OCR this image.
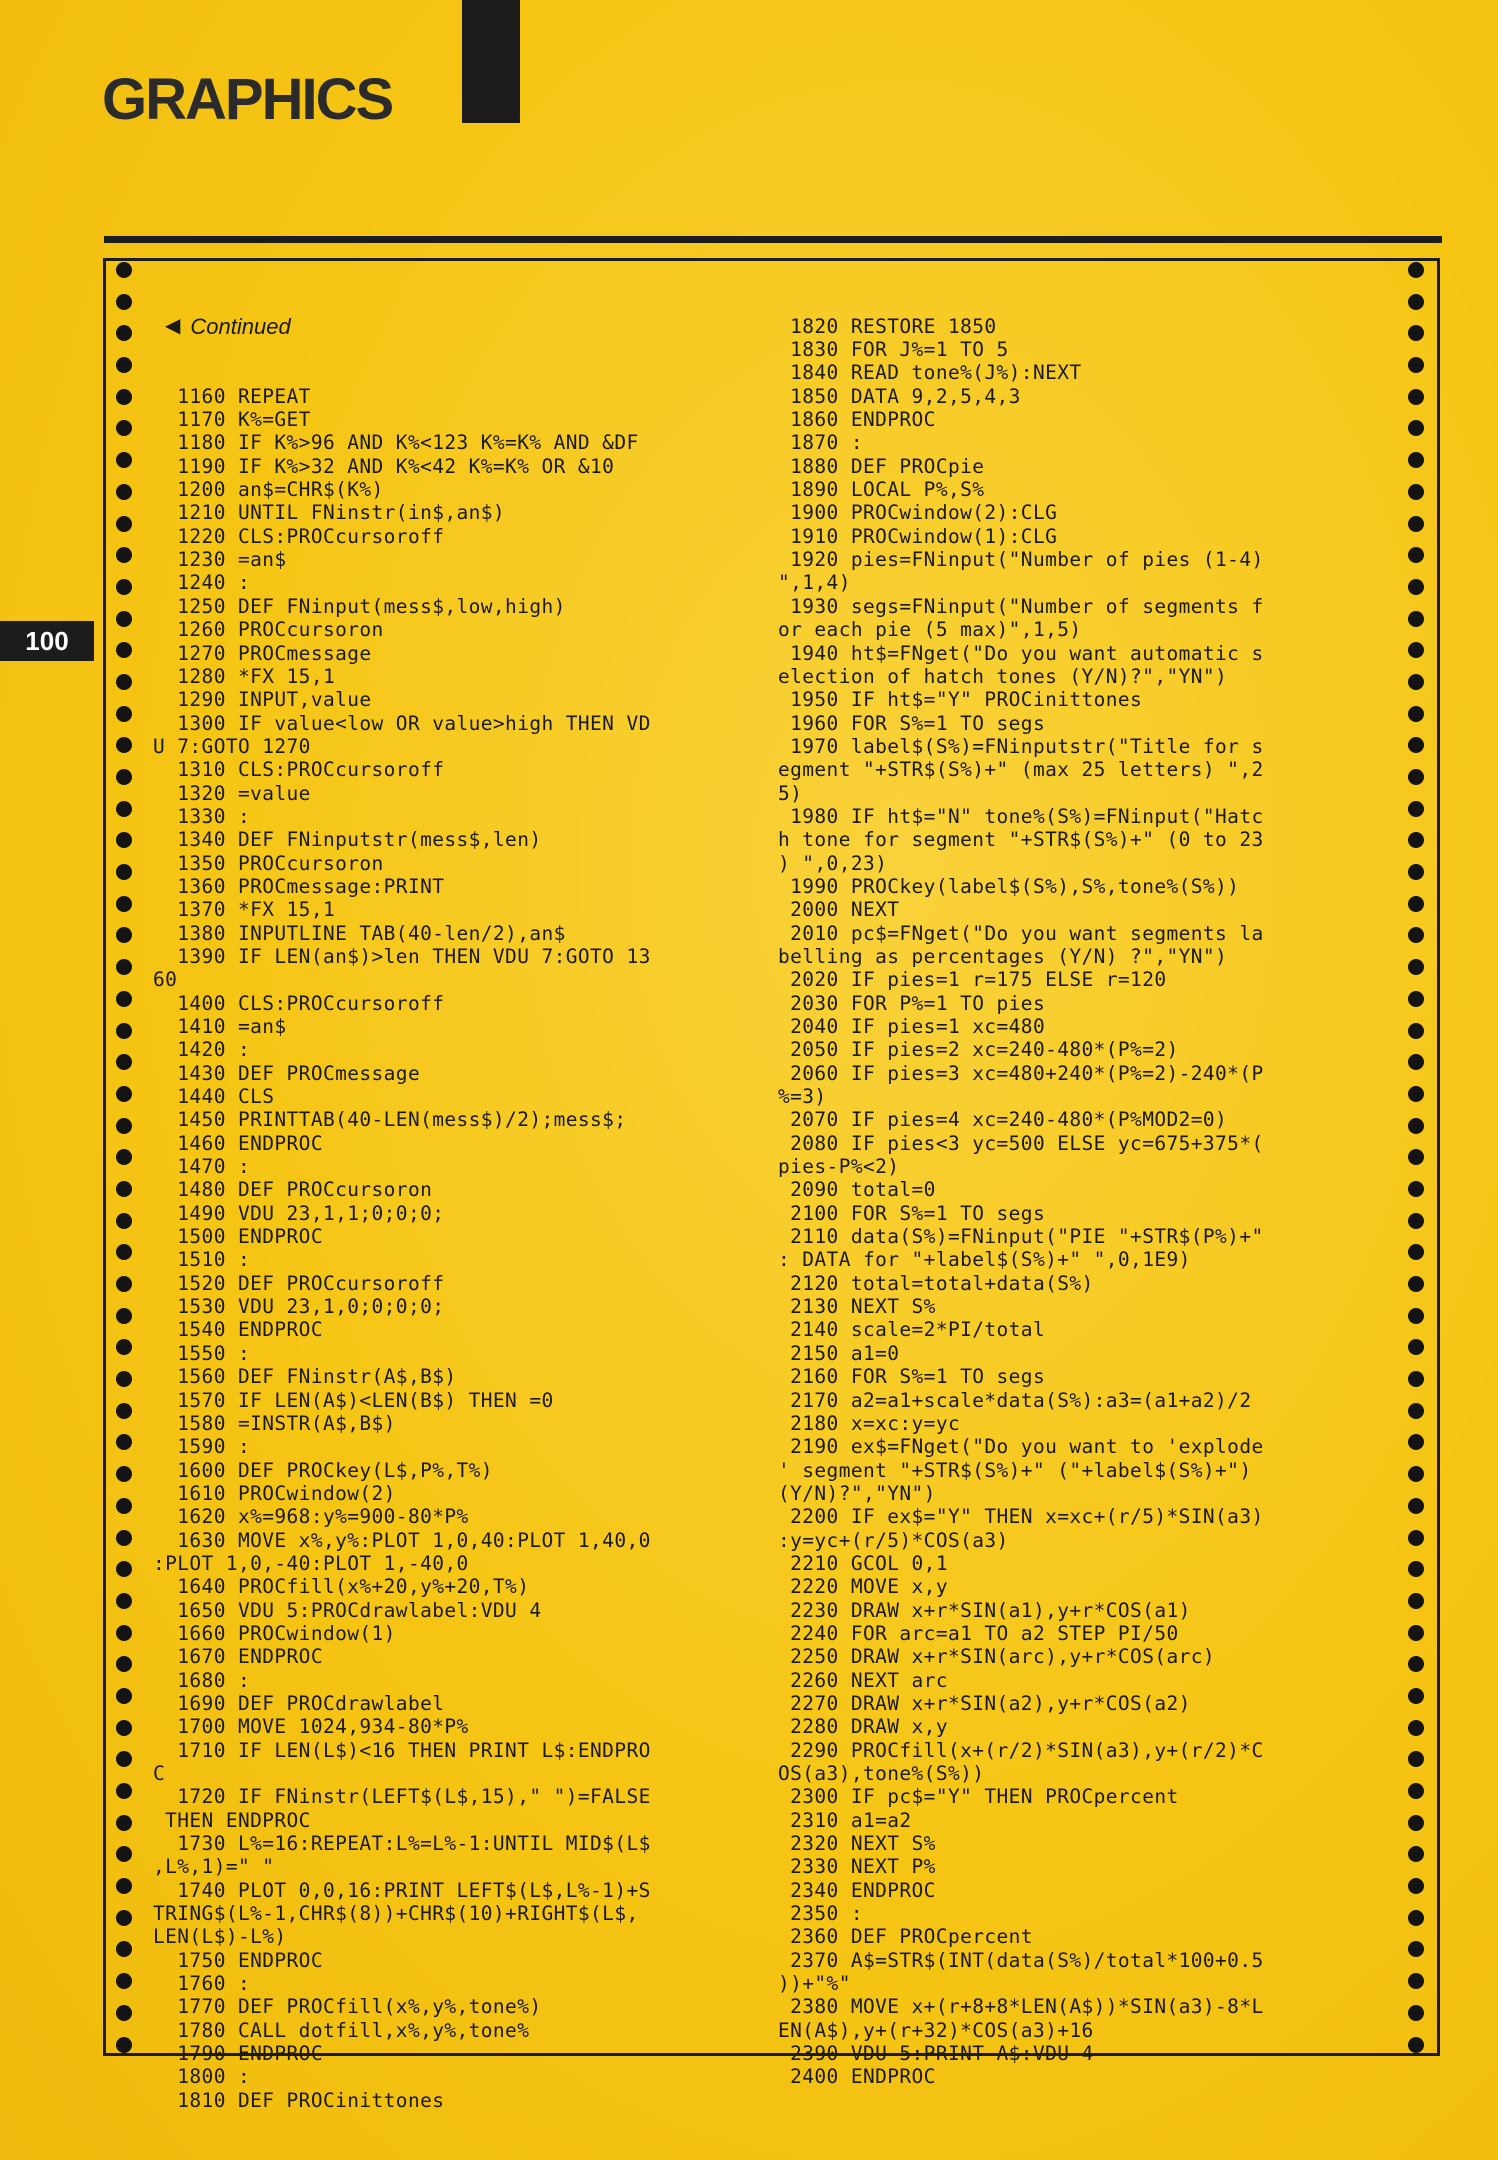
GRAPHICS
100

◀ Continued

1160 REPEAT
1170 K%=GET
1180 IF K%>96 AND K%<123 K%=K% AND &DF
1190 IF K%>32 AND K%<42 K%=K% OR &10
1200 an$=CHR$(K%)
1210 UNTIL FNinstr(in$,an$)
1220 CLS:PROCcursoroff
1230 =an$
1240 :
1250 DEF FNinput(mess$,low,high)
1260 PROCcursoron
1270 PROCmessage
1280 *FX 15,1
1290 INPUT,value
1300 IF value<low OR value>high THEN VD
U 7:GOTO 1270
1310 CLS:PROCcursoroff
1320 =value
1330 :
1340 DEF FNinputstr(mess$,len)
1350 PROCcursoron
1360 PROCmessage:PRINT
1370 *FX 15,1
1380 INPUTLINE TAB(40-len/2),an$
1390 IF LEN(an$)>len THEN VDU 7:GOTO 13
60
1400 CLS:PROCcursoroff
1410 =an$
1420 :
1430 DEF PROCmessage
1440 CLS
1450 PRINTTAB(40-LEN(mess$)/2);mess$;
1460 ENDPROC
1470 :
1480 DEF PROCcursoron
1490 VDU 23,1,1;0;0;0;
1500 ENDPROC
1510 :
1520 DEF PROCcursoroff
1530 VDU 23,1,0;0;0;0;
1540 ENDPROC
1550 :
1560 DEF FNinstr(A$,B$)
1570 IF LEN(A$)<LEN(B$) THEN =0
1580 =INSTR(A$,B$)
1590 :
1600 DEF PROCkey(L$,P%,T%)
1610 PROCwindow(2)
1620 x%=968:y%=900-80*P%
1630 MOVE x%,y%:PLOT 1,0,40:PLOT 1,40,0
:PLOT 1,0,-40:PLOT 1,-40,0
1640 PROCfill(x%+20,y%+20,T%)
1650 VDU 5:PROCdrawlabel:VDU 4
1660 PROCwindow(1)
1670 ENDPROC
1680 :
1690 DEF PROCdrawlabel
1700 MOVE 1024,934-80*P%
1710 IF LEN(L$)<16 THEN PRINT L$:ENDPRO
C
1720 IF FNinstr(LEFT$(L$,15)," ")=FALSE
THEN ENDPROC
1730 L%=16:REPEAT:L%=L%-1:UNTIL MID$(L$
,L%,1)=" "
1740 PLOT 0,0,16:PRINT LEFT$(L$,L%-1)+S
TRING$(L%-1,CHR$(8))+CHR$(10)+RIGHT$(L$,
LEN(L$)-L%)
1750 ENDPROC
1760 :
1770 DEF PROCfill(x%,y%,tone%)
1780 CALL dotfill,x%,y%,tone%
1790 ENDPROC
1800 :
1810 DEF PROCinittones

1820 RESTORE 1850
1830 FOR J%=1 TO 5
1840 READ tone%(J%):NEXT
1850 DATA 9,2,5,4,3
1860 ENDPROC
1870 :
1880 DEF PROCpie
1890 LOCAL P%,S%
1900 PROCwindow(2):CLG
1910 PROCwindow(1):CLG
1920 pies=FNinput("Number of pies (1-4)
",1,4)
1930 segs=FNinput("Number of segments f
or each pie (5 max)",1,5)
1940 ht$=FNget("Do you want automatic s
election of hatch tones (Y/N)?","YN")
1950 IF ht$="Y" PROCinittones
1960 FOR S%=1 TO segs
1970 label$(S%)=FNinputstr("Title for s
egment "+STR$(S%)+" (max 25 letters) ",2
5)
1980 IF ht$="N" tone%(S%)=FNinput("Hatc
h tone for segment "+STR$(S%)+" (0 to 23
) ",0,23)
1990 PROCkey(label$(S%),S%,tone%(S%))
2000 NEXT
2010 pc$=FNget("Do you want segments la
belling as percentages (Y/N) ?","YN")
2020 IF pies=1 r=175 ELSE r=120
2030 FOR P%=1 TO pies
2040 IF pies=1 xc=480
2050 IF pies=2 xc=240-480*(P%=2)
2060 IF pies=3 xc=480+240*(P%=2)-240*(P
%=3)
2070 IF pies=4 xc=240-480*(P%MOD2=0)
2080 IF pies<3 yc=500 ELSE yc=675+375*(
pies-P%<2)
2090 total=0
2100 FOR S%=1 TO segs
2110 data(S%)=FNinput("PIE "+STR$(P%)+"
: DATA for "+label$(S%)+" ",0,1E9)
2120 total=total+data(S%)
2130 NEXT S%
2140 scale=2*PI/total
2150 a1=0
2160 FOR S%=1 TO segs
2170 a2=a1+scale*data(S%):a3=(a1+a2)/2
2180 x=xc:y=yc
2190 ex$=FNget("Do you want to 'explode
' segment "+STR$(S%)+" ("+label$(S%)+")
(Y/N)?","YN")
2200 IF ex$="Y" THEN x=xc+(r/5)*SIN(a3)
:y=yc+(r/5)*COS(a3)
2210 GCOL 0,1
2220 MOVE x,y
2230 DRAW x+r*SIN(a1),y+r*COS(a1)
2240 FOR arc=a1 TO a2 STEP PI/50
2250 DRAW x+r*SIN(arc),y+r*COS(arc)
2260 NEXT arc
2270 DRAW x+r*SIN(a2),y+r*COS(a2)
2280 DRAW x,y
2290 PROCfill(x+(r/2)*SIN(a3),y+(r/2)*C
OS(a3),tone%(S%))
2300 IF pc$="Y" THEN PROCpercent
2310 a1=a2
2320 NEXT S%
2330 NEXT P%
2340 ENDPROC
2350 :
2360 DEF PROCpercent
2370 A$=STR$(INT(data(S%)/total*100+0.5
))+"%"
2380 MOVE x+(r+8+8*LEN(A$))*SIN(a3)-8*L
EN(A$),y+(r+32)*COS(a3)+16
2390 VDU 5:PRINT A$:VDU 4
2400 ENDPROC
